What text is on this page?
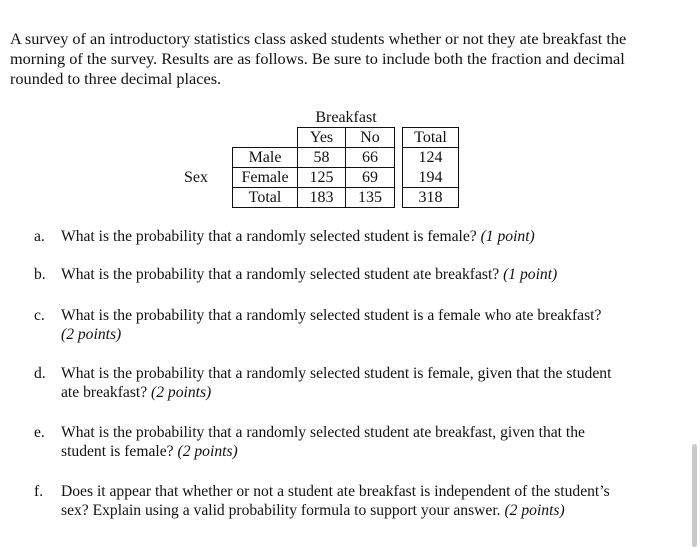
A survey of an introductory statistics class asked students whether or not they ate breakfast the
morning of the survey. Results are as follows. Be sure to include both the fraction and decimal
rounded to three decimal places.

		Breakfast			
		Yes	No		Total
	Male	58	66		124
Sex	Female	125	69		194
	Total	183	135		318
a. What is the probability that a randomly selected student is female? (1 point)
b. What is the probability that a randomly selected student ate breakfast? (1 point)
c. What is the probability that a randomly selected student is a female who ate breakfast?
(2 points)
d. What is the probability that a randomly selected student is female, given that the student
ate breakfast? (2 points)
e. What is the probability that a randomly selected student ate breakfast, given that the
student is female? (2 points)
f. Does it appear that whether or not a student ate breakfast is independent of the student’s
sex? Explain using a valid probability formula to support your answer. (2 points)
